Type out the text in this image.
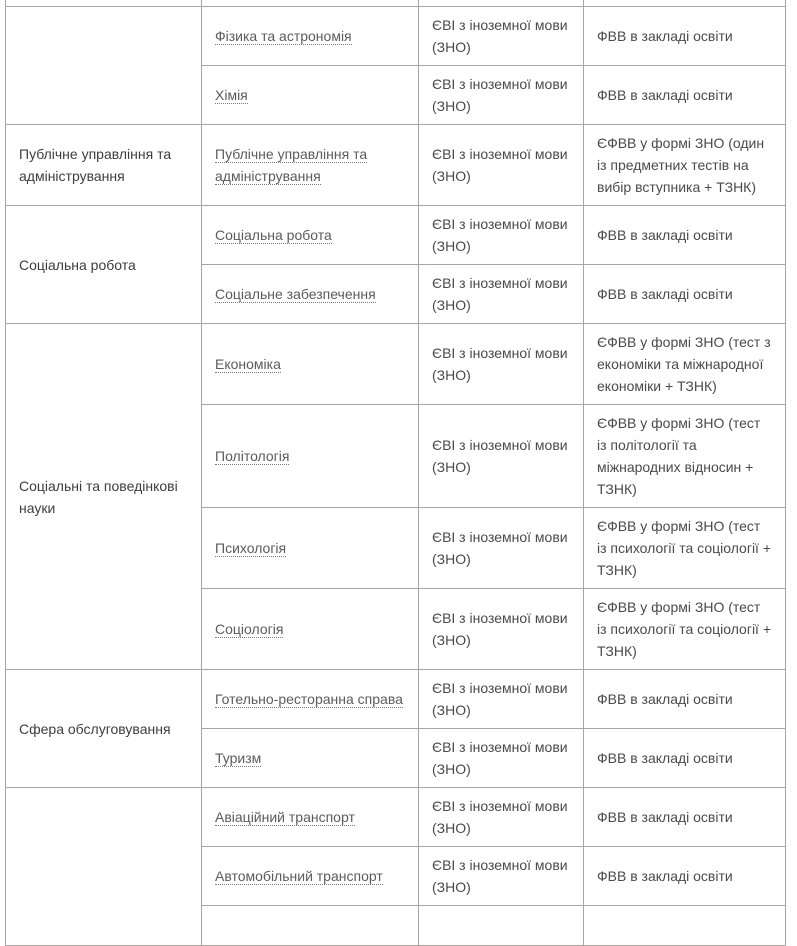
	Фізика та астрономія	ЄВІ з іноземної мови (ЗНО)	ФВВ в закладі освіти
	Хімія	ЄВІ з іноземної мови (ЗНО)	ФВВ в закладі освіти
Публічне управління та адміністрування	Публічне управління та адміністрування	ЄВІ з іноземної мови (ЗНО)	ЄФВВ у формі ЗНО (один із предметних тестів на вибір вступника + ТЗНК)
Соціальна робота	Соціальна робота	ЄВІ з іноземної мови (ЗНО)	ФВВ в закладі освіти
	Соціальне забезпечення	ЄВІ з іноземної мови (ЗНО)	ФВВ в закладі освіти
Соціальні та поведінкові науки	Економіка	ЄВІ з іноземної мови (ЗНО)	ЄФВВ у формі ЗНО (тест з економіки та міжнародної економіки + ТЗНК)
	Політологія	ЄВІ з іноземної мови (ЗНО)	ЄФВВ у формі ЗНО (тест із політології та міжнародних відносин + ТЗНК)
	Психологія	ЄВІ з іноземної мови (ЗНО)	ЄФВВ у формі ЗНО (тест із психології та соціології + ТЗНК)
	Соціологія	ЄВІ з іноземної мови (ЗНО)	ЄФВВ у формі ЗНО (тест із психології та соціології + ТЗНК)
Сфера обслуговування	Готельно-ресторанна справа	ЄВІ з іноземної мови (ЗНО)	ФВВ в закладі освіти
	Туризм	ЄВІ з іноземної мови (ЗНО)	ФВВ в закладі освіти
	Авіаційний транспорт	ЄВІ з іноземної мови (ЗНО)	ФВВ в закладі освіти
	Автомобільний транспорт	ЄВІ з іноземної мови (ЗНО)	ФВВ в закладі освіти
